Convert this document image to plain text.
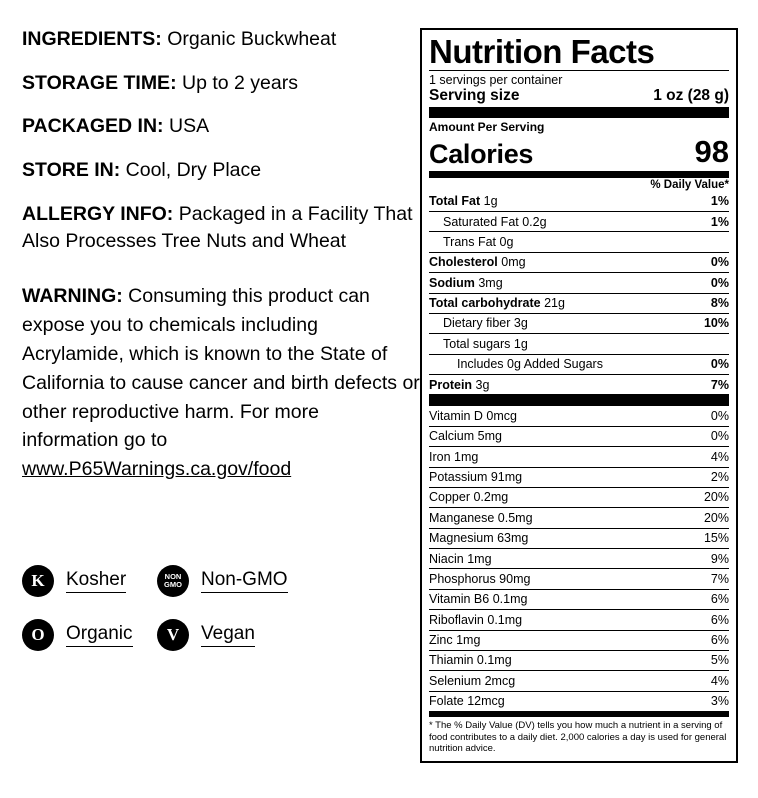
INGREDIENTS: Organic Buckwheat
STORAGE TIME: Up to 2 years
PACKAGED IN: USA
STORE IN: Cool, Dry Place
ALLERGY INFO: Packaged in a Facility That Also Processes Tree Nuts and Wheat
WARNING: Consuming this product can expose you to chemicals including Acrylamide, which is known to the State of California to cause cancer and birth defects or other reproductive harm. For more information go to www.P65Warnings.ca.gov/food
K	Kosher	NON
GMO Non-GMO
O	Organic	V	Vegan
Nutrition Facts
1 servings per container
Serving size	1 oz (28 g)
Amount Per Serving
Calories	98
% Daily Value*
Total Fat 1g	1%
Saturated Fat 0.2g	1%
Trans Fat 0g
Cholesterol 0mg	0%
Sodium 3mg	0%
Total carbohydrate 21g	8%
Dietary fiber 3g	10%
Total sugars 1g
Includes 0g Added Sugars	0%
Protein 3g	7%
Vitamin D 0mcg	0%
Calcium 5mg	0%
Iron 1mg	4%
Potassium 91mg	2%
Copper 0.2mg	20%
Manganese 0.5mg	20%
Magnesium 63mg	15%
Niacin 1mg	9%
Phosphorus 90mg	7%
Vitamin B6 0.1mg	6%
Riboflavin 0.1mg	6%
Zinc 1mg	6%
Thiamin 0.1mg	5%
Selenium 2mcg	4%
Folate 12mcg	3%
* The % Daily Value (DV) tells you how much a nutrient in a serving of food contributes to a daily diet. 2,000 calories a day is used for general nutrition advice.
